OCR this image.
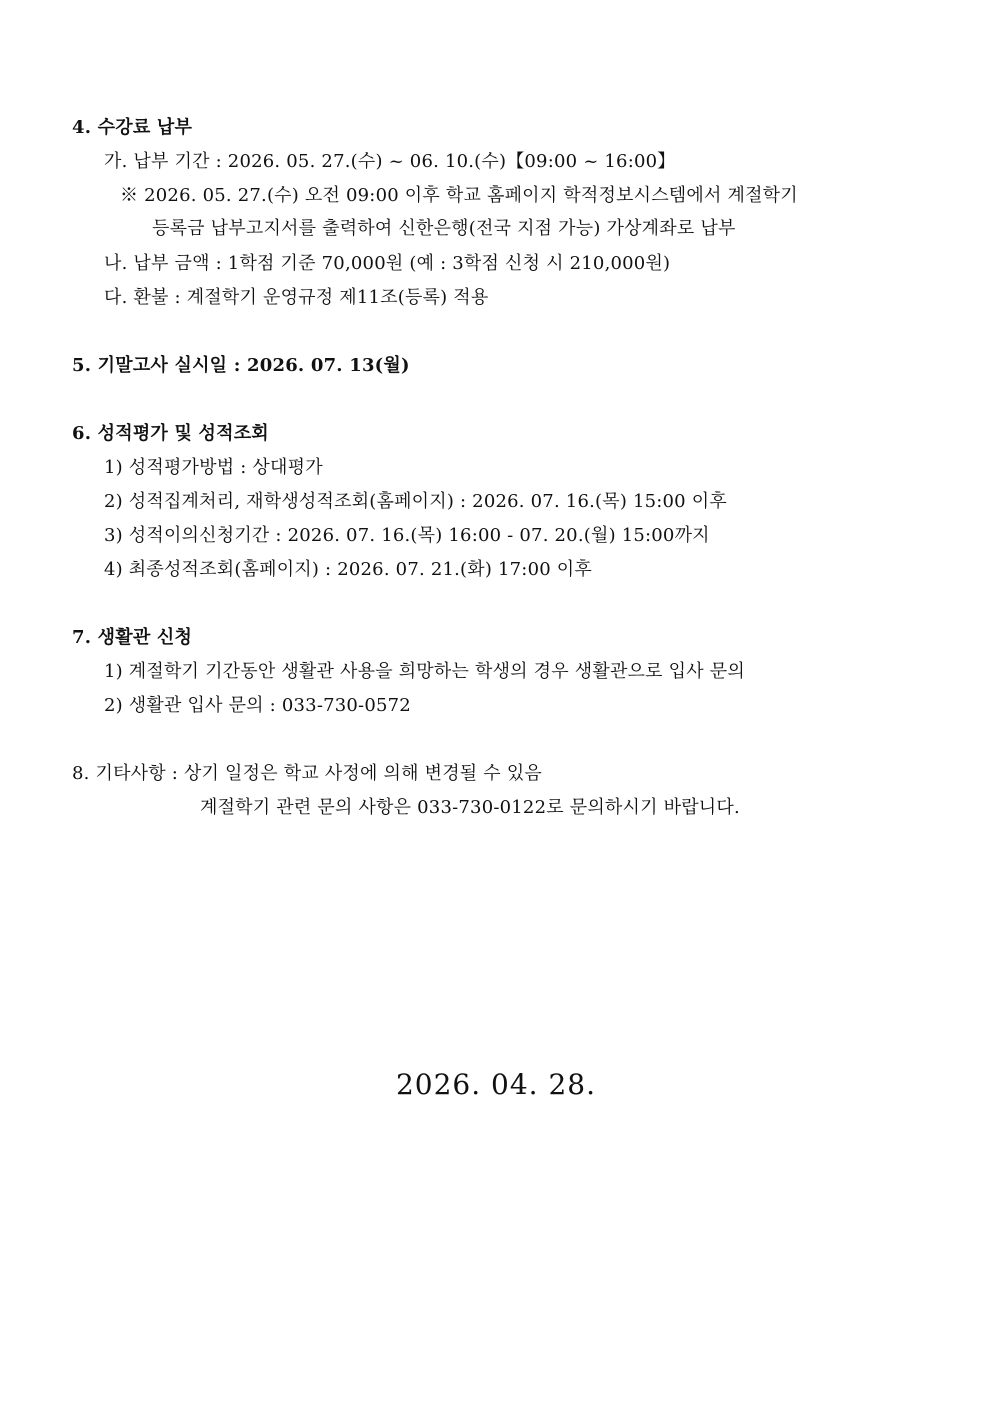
4. 수강료 납부
가. 납부 기간 : 2026. 05. 27.(수) ~ 06. 10.(수)【09:00 ~ 16:00】
※ 2026. 05. 27.(수) 오전 09:00 이후 학교 홈페이지 학적정보시스템에서 계절학기
등록금 납부고지서를 출력하여 신한은행(전국 지점 가능) 가상계좌로 납부
나. 납부 금액 : 1학점 기준 70,000원 (예 : 3학점 신청 시 210,000원)
다. 환불 : 계절학기 운영규정 제11조(등록) 적용
5. 기말고사 실시일 : 2026. 07. 13(월)
6. 성적평가 및 성적조회
1) 성적평가방법 : 상대평가
2) 성적집계처리, 재학생성적조회(홈페이지) : 2026. 07. 16.(목) 15:00 이후
3) 성적이의신청기간 : 2026. 07. 16.(목) 16:00 - 07. 20.(월) 15:00까지
4) 최종성적조회(홈페이지) : 2026. 07. 21.(화) 17:00 이후
7. 생활관 신청
1) 계절학기 기간동안 생활관 사용을 희망하는 학생의 경우 생활관으로 입사 문의
2) 생활관 입사 문의 : 033-730-0572
8. 기타사항 : 상기 일정은 학교 사정에 의해 변경될 수 있음
계절학기 관련 문의 사항은 033-730-0122로 문의하시기 바랍니다.
2026. 04. 28.
